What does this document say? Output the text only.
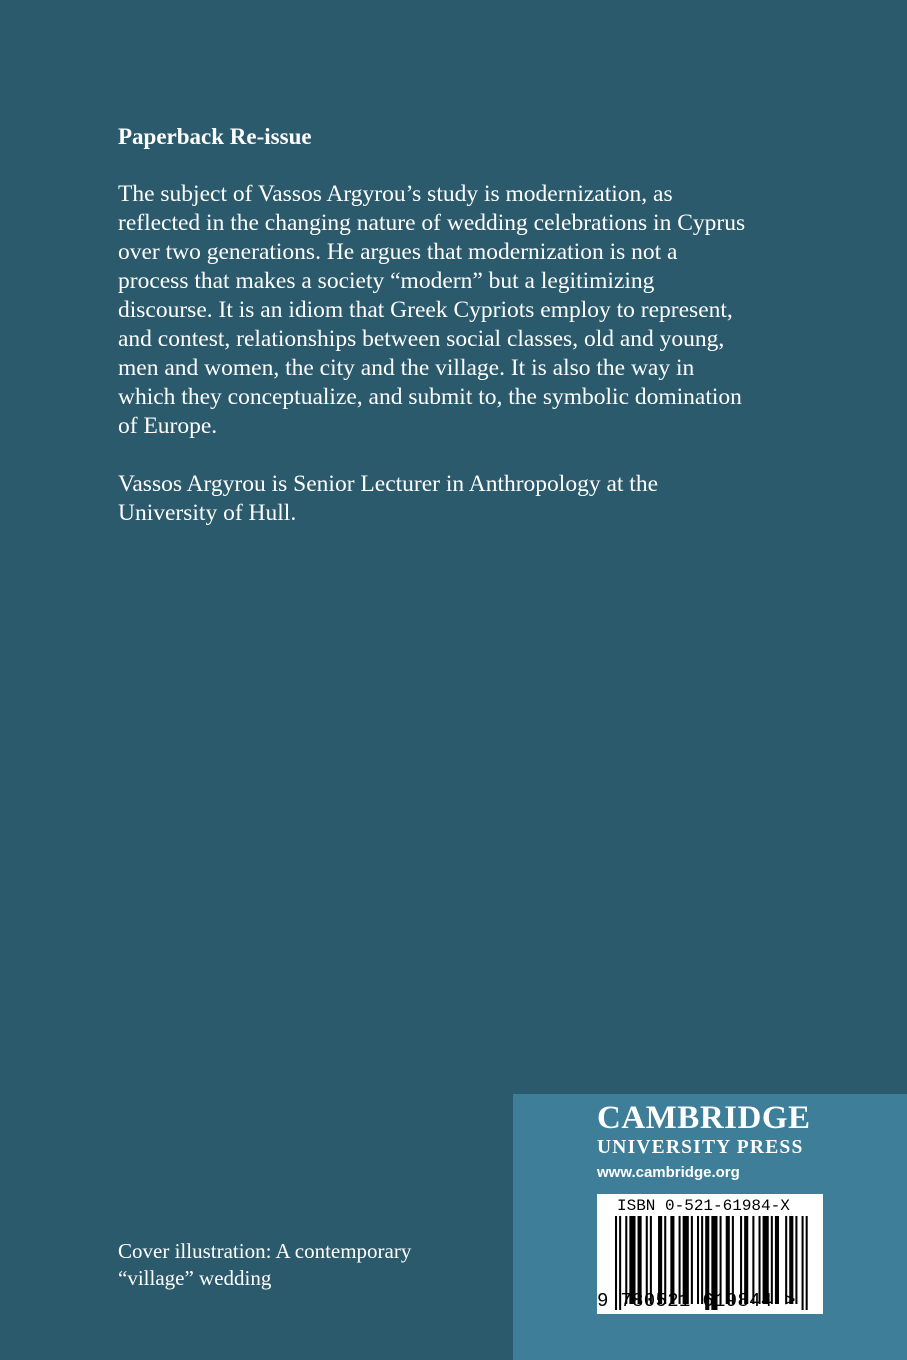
Paperback Re-issue

The subject of Vassos Argyrou’s study is modernization, as
reflected in the changing nature of wedding celebrations in Cyprus
over two generations. He argues that modernization is not a
process that makes a society “modern” but a legitimizing
discourse. It is an idiom that Greek Cypriots employ to represent,
and contest, relationships between social classes, old and young,
men and women, the city and the village. It is also the way in
which they conceptualize, and submit to, the symbolic domination
of Europe.

Vassos Argyrou is Senior Lecturer in Anthropology at the
University of Hull.

Cover illustration: A contemporary
“village” wedding

CAMBRIDGE
UNIVERSITY PRESS
www.cambridge.org
ISBN 0-521-61984-X
9 780521 619844 >
